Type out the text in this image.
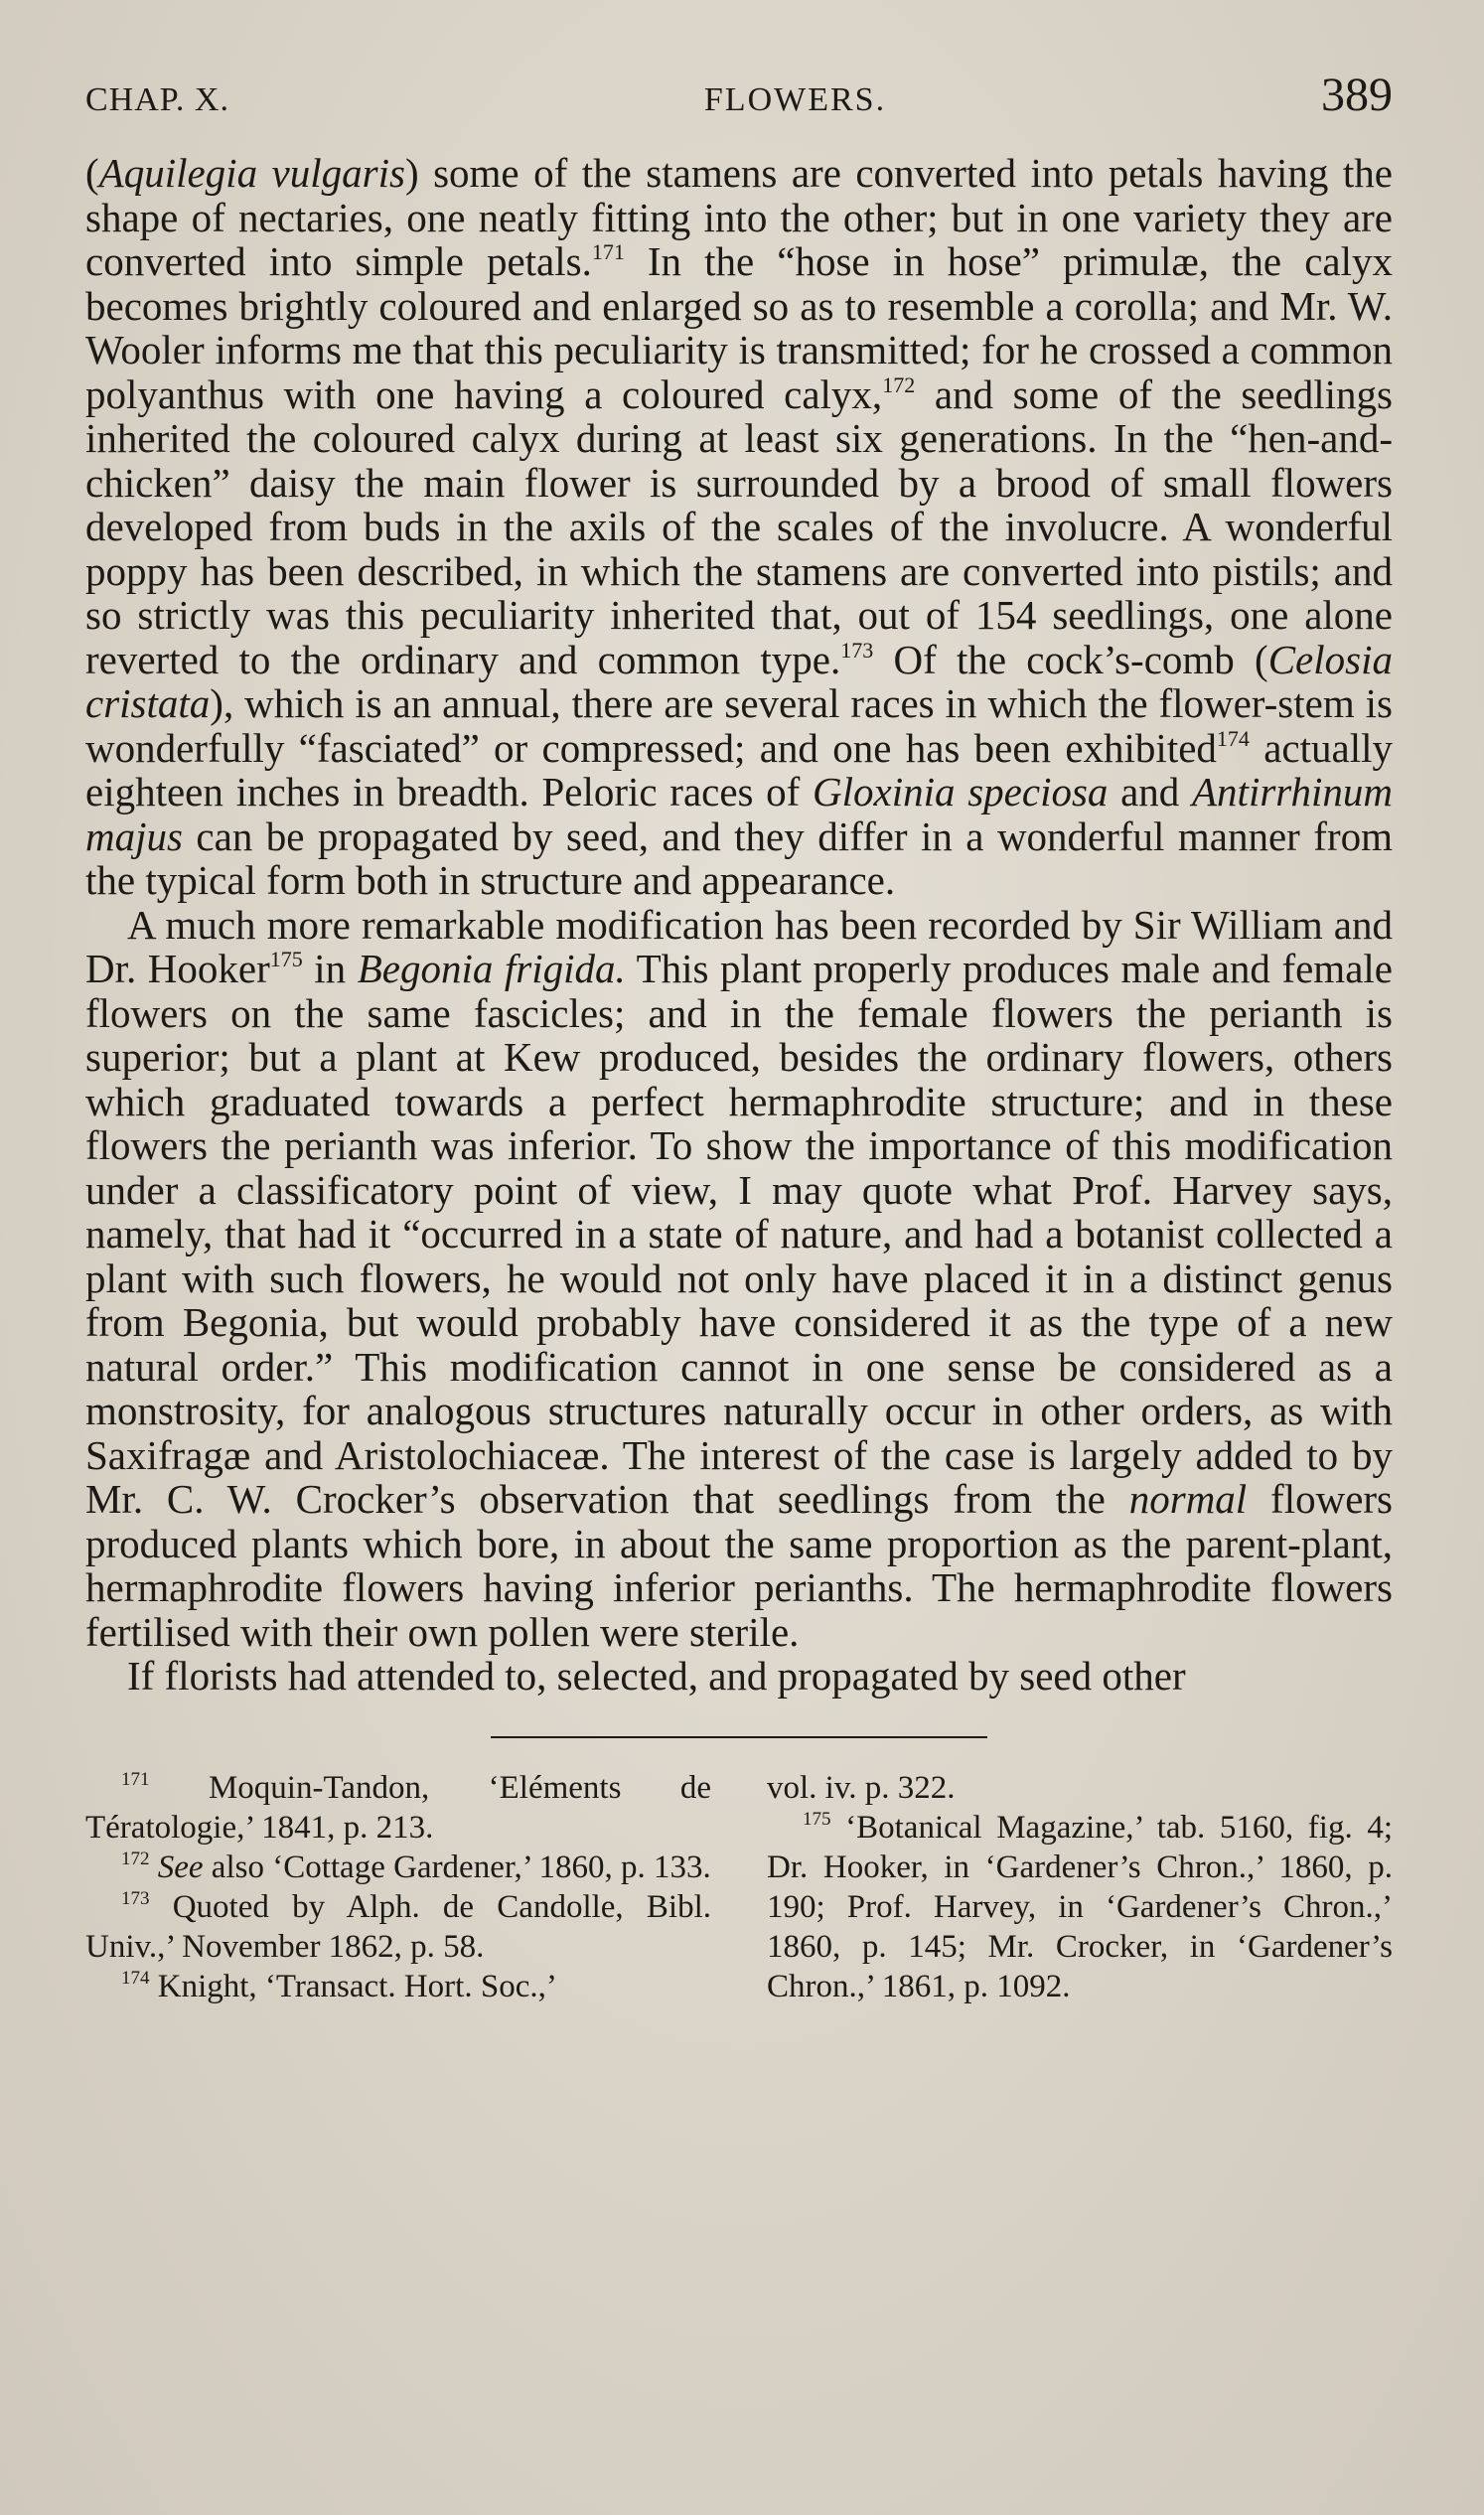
CHAP. X.	FLOWERS.	389

(Aquilegia vulgaris) some of the stamens are converted into petals having the shape of nectaries, one neatly fitting into the other; but in one variety they are converted into simple petals.$^{171}$ In the “hose in hose” primulæ, the calyx becomes brightly coloured and enlarged so as to resemble a corolla; and Mr. W. Wooler informs me that this peculiarity is transmitted; for he crossed a common polyanthus with one having a coloured calyx,$^{172}$ and some of the seedlings inherited the coloured calyx during at least six generations. In the “hen-and-chicken” daisy the main flower is surrounded by a brood of small flowers developed from buds in the axils of the scales of the involucre. A wonderful poppy has been described, in which the stamens are converted into pistils; and so strictly was this peculiarity inherited that, out of 154 seedlings, one alone reverted to the ordinary and common type.$^{173}$ Of the cock’s-comb (Celosia cristata), which is an annual, there are several races in which the flower-stem is wonderfully “fasciated” or compressed; and one has been exhibited$^{174}$ actually eighteen inches in breadth. Peloric races of Gloxinia speciosa and Antirrhinum majus can be propagated by seed, and they differ in a wonderful manner from the typical form both in structure and appearance.

A much more remarkable modification has been recorded by Sir William and Dr. Hooker$^{175}$ in Begonia frigida. This plant properly produces male and female flowers on the same fascicles; and in the female flowers the perianth is superior; but a plant at Kew produced, besides the ordinary flowers, others which graduated towards a perfect hermaphrodite structure; and in these flowers the perianth was inferior. To show the importance of this modification under a classificatory point of view, I may quote what Prof. Harvey says, namely, that had it “occurred in a state of nature, and had a botanist collected a plant with such flowers, he would not only have placed it in a distinct genus from Begonia, but would probably have considered it as the type of a new natural order.” This modification cannot in one sense be considered as a monstrosity, for analogous structures naturally occur in other orders, as with Saxifragæ and Aristolochiaceæ. The interest of the case is largely added to by Mr. C. W. Crocker’s observation that seedlings from the normal flowers produced plants which bore, in about the same proportion as the parent-plant, hermaphrodite flowers having inferior perianths. The hermaphrodite flowers fertilised with their own pollen were sterile.

If florists had attended to, selected, and propagated by seed other

$^{171}$ Moquin-Tandon, ‘Eléments de Tératologie,’ 1841, p. 213.

$^{172}$ See also ‘Cottage Gardener,’ 1860, p. 133.

$^{173}$ Quoted by Alph. de Candolle, Bibl. Univ.,’ November 1862, p. 58.

$^{174}$ Knight, ‘Transact. Hort. Soc.,’

vol. iv. p. 322.

$^{175}$ ‘Botanical Magazine,’ tab. 5160, fig. 4; Dr. Hooker, in ‘Gardener’s Chron.,’ 1860, p. 190; Prof. Harvey, in ‘Gardener’s Chron.,’ 1860, p. 145; Mr. Crocker, in ‘Gardener’s Chron.,’ 1861, p. 1092.
